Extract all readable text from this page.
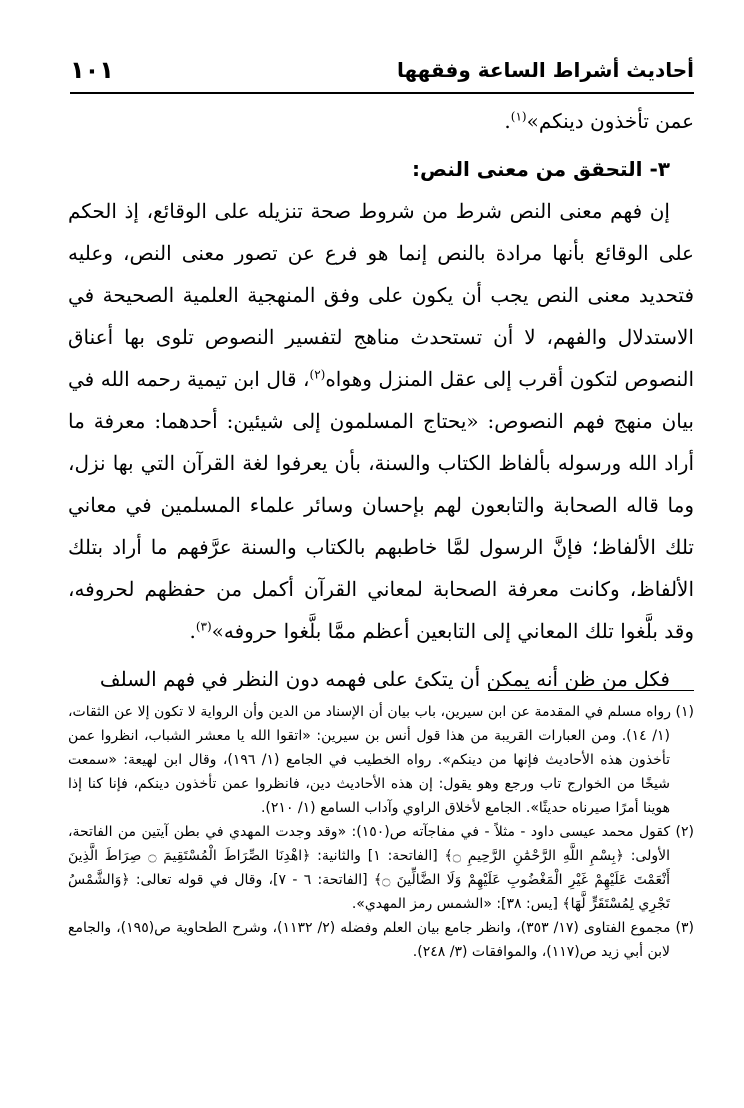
أحاديث أشراط الساعة وفقهها
١٠١

عمن تأخذون دينكم»$^{(١)}$.

٣- التحقق من معنى النص:

إن فهم معنى النص شرط من شروط صحة تنزيله على الوقائع، إذ الحكم على الوقائع بأنها مرادة بالنص إنما هو فرع عن تصور معنى النص، وعليه فتحديد معنى النص يجب أن يكون على وفق المنهجية العلمية الصحيحة في الاستدلال والفهم، لا أن تستحدث مناهج لتفسير النصوص تلوى بها أعناق النصوص لتكون أقرب إلى عقل المنزل وهواه$^{(٢)}$، قال ابن تيمية رحمه الله في بيان منهج فهم النصوص: «يحتاج المسلمون إلى شيئين: أحدهما: معرفة ما أراد الله ورسوله بألفاظ الكتاب والسنة، بأن يعرفوا لغة القرآن التي بها نزل، وما قاله الصحابة والتابعون لهم بإحسان وسائر علماء المسلمين في معاني تلك الألفاظ؛ فإنَّ الرسول لمَّا خاطبهم بالكتاب والسنة عرَّفهم ما أراد بتلك الألفاظ، وكانت معرفة الصحابة لمعاني القرآن أكمل من حفظهم لحروفه، وقد بلَّغوا تلك المعاني إلى التابعين أعظم ممَّا بلَّغوا حروفه»$^{(٣)}$.

فكل من ظن أنه يمكن أن يتكئ على فهمه دون النظر في فهم السلف

(١) رواه مسلم في المقدمة عن ابن سيرين، باب بيان أن الإسناد من الدين وأن الرواية لا تكون إلا عن الثقات، (١/ ١٤). ومن العبارات القريبة من هذا قول أنس بن سيرين: «اتقوا الله يا معشر الشباب، انظروا عمن تأخذون هذه الأحاديث فإنها من دينكم». رواه الخطيب في الجامع (١/ ١٩٦)، وقال ابن لهيعة: «سمعت شيخًا من الخوارج تاب ورجع وهو يقول: إن هذه الأحاديث دين، فانظروا عمن تأخذون دينكم، فإنا كنا إذا هوينا أمرًا صيرناه حديثًا». الجامع لأخلاق الراوي وآداب السامع (١/ ٢١٠).

(٢) كقول محمد عيسى داود - مثلاً - في مفاجآته ص(١٥٠): «وقد وجدت المهدي في بطن آيتين من الفاتحة، الأولى: ﴿بِسْمِ اللَّهِ الرَّحْمَٰنِ الرَّحِيمِ ۝﴾ [الفاتحة: ١] والثانية: ﴿اهْدِنَا الصِّرَاطَ الْمُسْتَقِيمَ ۝ صِرَاطَ الَّذِينَ أَنْعَمْتَ عَلَيْهِمْ غَيْرِ الْمَغْضُوبِ عَلَيْهِمْ وَلَا الضَّالِّينَ ۝﴾ [الفاتحة: ٦ - ٧]، وقال في قوله تعالى: ﴿وَالشَّمْسُ تَجْرِي لِمُسْتَقَرٍّ لَّهَا﴾ [يس: ٣٨]: «الشمس رمز المهدي».

(٣) مجموع الفتاوى (١٧/ ٣٥٣)، وانظر جامع بيان العلم وفضله (٢/ ١١٣٢)، وشرح الطحاوية ص(١٩٥)، والجامع لابن أبي زيد ص(١١٧)، والموافقات (٣/ ٢٤٨).
